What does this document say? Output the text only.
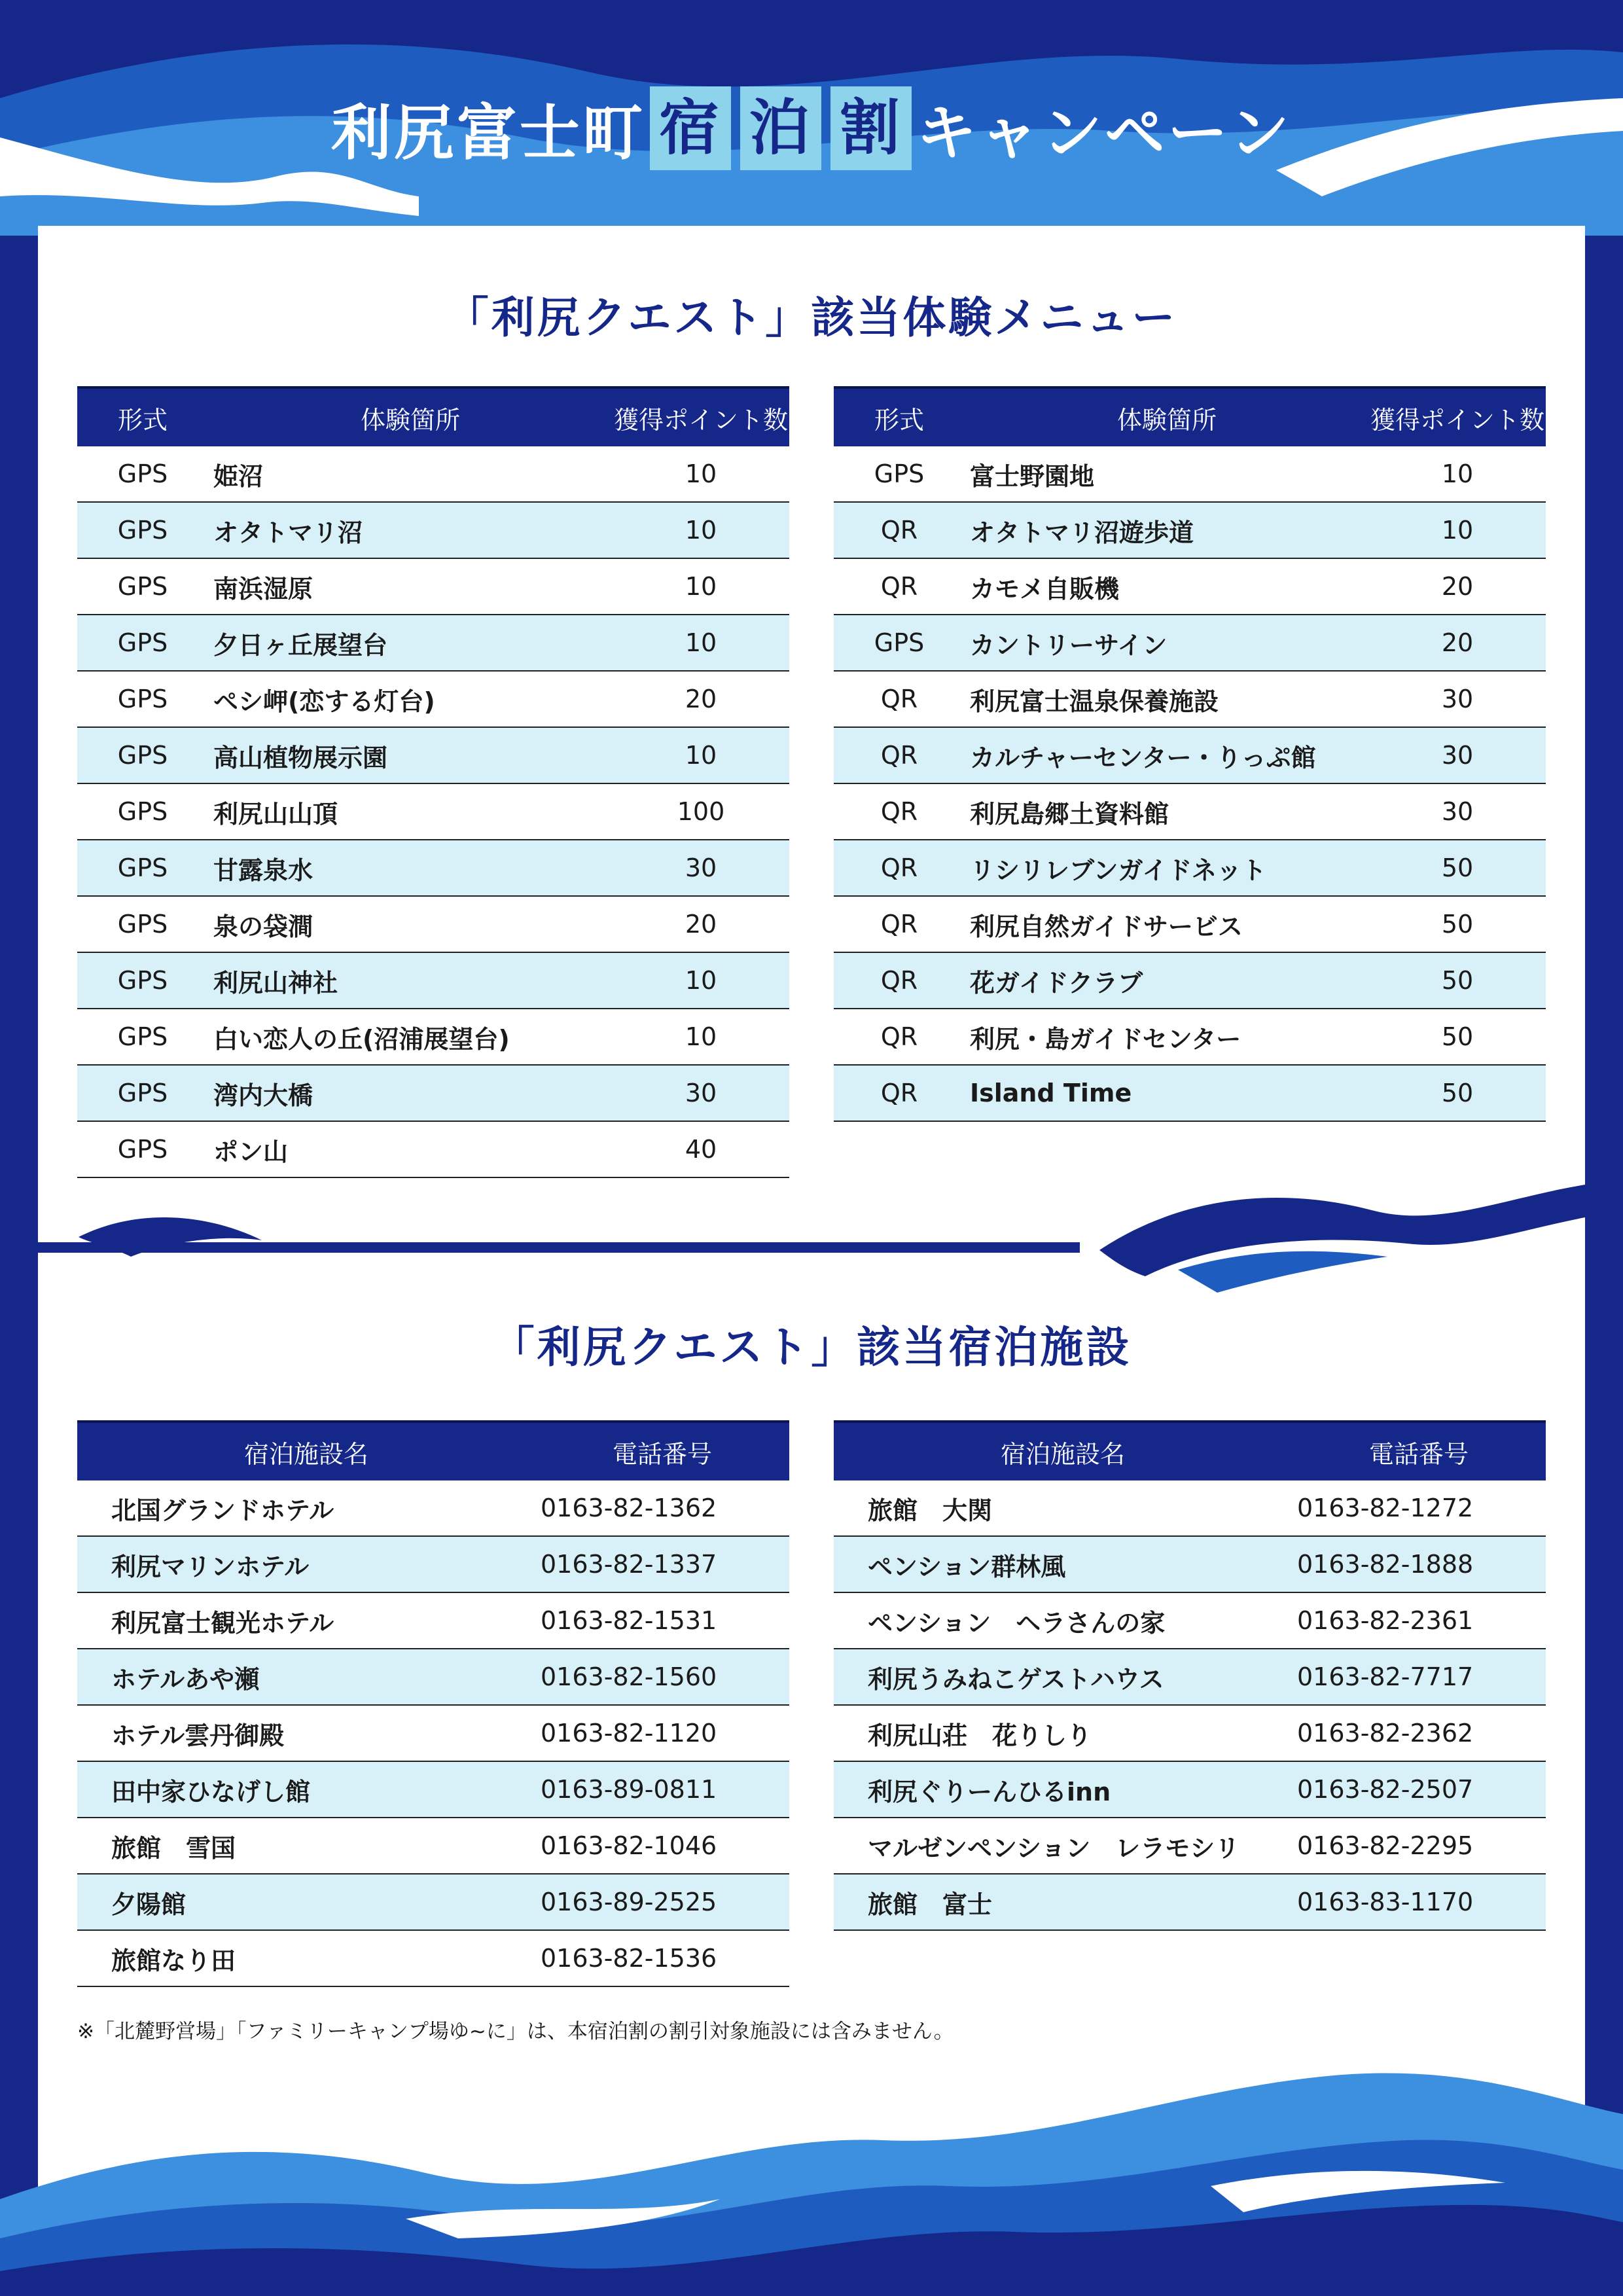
利尻富士町 宿 泊 割 キャンペーン
「利尻クエスト」該当体験メニュー
形式	体験箇所	獲得ポイント数
GPS	姫沼	10
GPS	オタトマリ沼	10
GPS	南浜湿原	10
GPS	夕日ヶ丘展望台	10
GPS	ペシ岬(恋する灯台)	20
GPS	高山植物展示園	10
GPS	利尻山山頂	100
GPS	甘露泉水	30
GPS	泉の袋澗	20
GPS	利尻山神社	10
GPS	白い恋人の丘(沼浦展望台)	10
GPS	湾内大橋	30
GPS	ポン山	40
形式	体験箇所	獲得ポイント数
GPS	富士野園地	10
QR	オタトマリ沼遊歩道	10
QR	カモメ自販機	20
GPS	カントリーサイン	20
QR	利尻富士温泉保養施設	30
QR	カルチャーセンター・りっぷ館	30
QR	利尻島郷土資料館	30
QR	リシリレブンガイドネット	50
QR	利尻自然ガイドサービス	50
QR	花ガイドクラブ	50
QR	利尻・島ガイドセンター	50
QR	Island Time	50
「利尻クエスト」該当宿泊施設
宿泊施設名	電話番号
北国グランドホテル	0163-82-1362
利尻マリンホテル	0163-82-1337
利尻富士観光ホテル	0163-82-1531
ホテルあや瀬	0163-82-1560
ホテル雲丹御殿	0163-82-1120
田中家ひなげし館	0163-89-0811
旅館　雪国	0163-82-1046
夕陽館	0163-89-2525
旅館なり田	0163-82-1536
宿泊施設名	電話番号
旅館　大関	0163-82-1272
ペンション群林風	0163-82-1888
ペンション　ヘラさんの家	0163-82-2361
利尻うみねこゲストハウス	0163-82-7717
利尻山荘　花りしり	0163-82-2362
利尻ぐりーんひるinn	0163-82-2507
マルゼンペンション　レラモシリ	0163-82-2295
旅館　富士	0163-83-1170
※「北麓野営場」「ファミリーキャンプ場ゆ~に」は、本宿泊割の割引対象施設には含みません。
